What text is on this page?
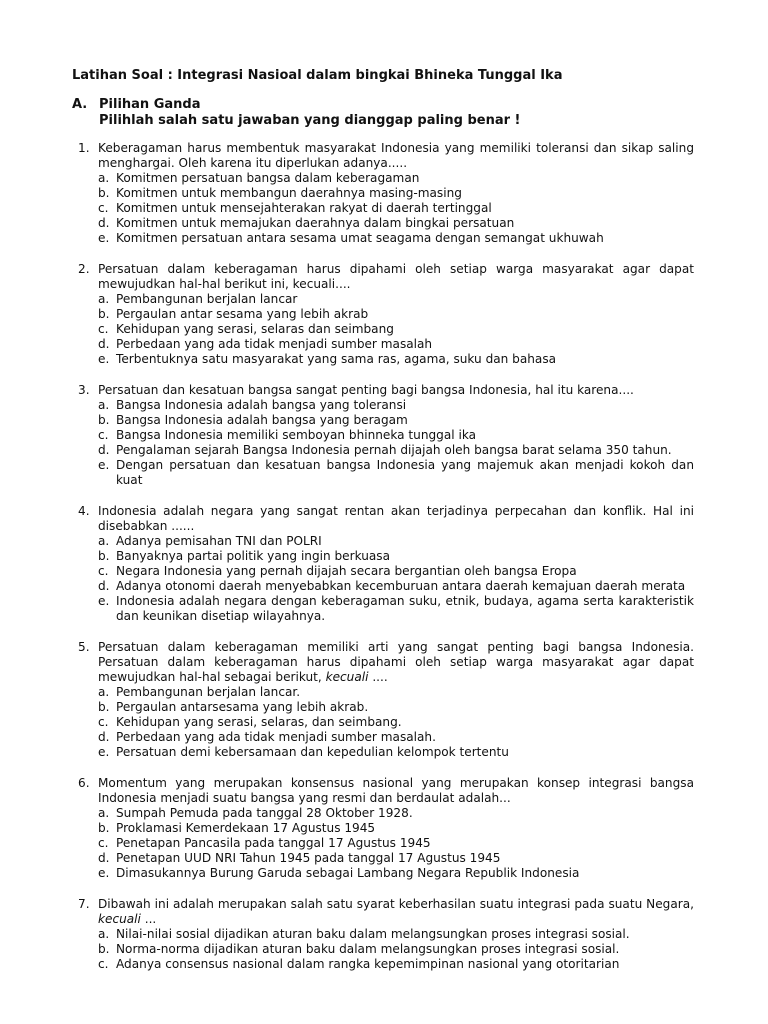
Latihan Soal : Integrasi Nasioal dalam bingkai Bhineka Tunggal Ika
A. Pilihan Ganda
Pilihlah salah satu jawaban yang dianggap paling benar !
1. Keberagaman harus membentuk masyarakat Indonesia yang memiliki toleransi dan sikap saling menghargai. Oleh karena itu diperlukan adanya.....
a. Komitmen persatuan bangsa dalam keberagaman
b. Komitmen untuk membangun daerahnya masing-masing
c. Komitmen untuk mensejahterakan rakyat di daerah tertinggal
d. Komitmen untuk memajukan daerahnya dalam bingkai persatuan
e. Komitmen persatuan antara sesama umat seagama dengan semangat ukhuwah
2. Persatuan dalam keberagaman harus dipahami oleh setiap warga masyarakat agar dapat mewujudkan hal-hal berikut ini, kecuali....
a. Pembangunan berjalan lancar
b. Pergaulan antar sesama yang lebih akrab
c. Kehidupan yang serasi, selaras dan seimbang
d. Perbedaan yang ada tidak menjadi sumber masalah
e. Terbentuknya satu masyarakat yang sama ras, agama, suku dan bahasa
3. Persatuan dan kesatuan bangsa sangat penting bagi bangsa Indonesia, hal itu karena....
a. Bangsa Indonesia adalah bangsa yang toleransi
b. Bangsa Indonesia adalah bangsa yang beragam
c. Bangsa Indonesia memiliki semboyan bhinneka tunggal ika
d. Pengalaman sejarah Bangsa Indonesia pernah dijajah oleh bangsa barat selama 350 tahun.
e. Dengan persatuan dan kesatuan bangsa Indonesia yang majemuk akan menjadi kokoh dan kuat
4. Indonesia adalah negara yang sangat rentan akan terjadinya perpecahan dan konflik. Hal ini disebabkan ......
a. Adanya pemisahan TNI dan POLRI
b. Banyaknya partai politik yang ingin berkuasa
c. Negara Indonesia yang pernah dijajah secara bergantian oleh bangsa Eropa
d. Adanya otonomi daerah menyebabkan kecemburuan antara daerah kemajuan daerah merata
e. Indonesia adalah negara dengan keberagaman suku, etnik, budaya, agama serta karakteristik dan keunikan disetiap wilayahnya.
5. Persatuan dalam keberagaman memiliki arti yang sangat penting bagi bangsa Indonesia. Persatuan dalam keberagaman harus dipahami oleh setiap warga masyarakat agar dapat mewujudkan hal-hal sebagai berikut, kecuali ....
a. Pembangunan berjalan lancar.
b. Pergaulan antarsesama yang lebih akrab.
c. Kehidupan yang serasi, selaras, dan seimbang.
d. Perbedaan yang ada tidak menjadi sumber masalah.
e. Persatuan demi kebersamaan dan kepedulian kelompok tertentu
6. Momentum yang merupakan konsensus nasional yang merupakan konsep integrasi bangsa Indonesia menjadi suatu bangsa yang resmi dan berdaulat adalah...
a. Sumpah Pemuda pada tanggal 28 Oktober 1928.
b. Proklamasi Kemerdekaan 17 Agustus 1945
c. Penetapan Pancasila pada tanggal 17 Agustus 1945
d. Penetapan UUD NRI Tahun 1945 pada tanggal 17 Agustus 1945
e. Dimasukannya Burung Garuda sebagai Lambang Negara Republik Indonesia
7. Dibawah ini adalah merupakan salah satu syarat keberhasilan suatu integrasi pada suatu Negara, kecuali ...
a. Nilai-nilai sosial dijadikan aturan baku dalam melangsungkan proses integrasi sosial.
b. Norma-norma dijadikan aturan baku dalam melangsungkan proses integrasi sosial.
c. Adanya consensus nasional dalam rangka kepemimpinan nasional yang otoritarian
